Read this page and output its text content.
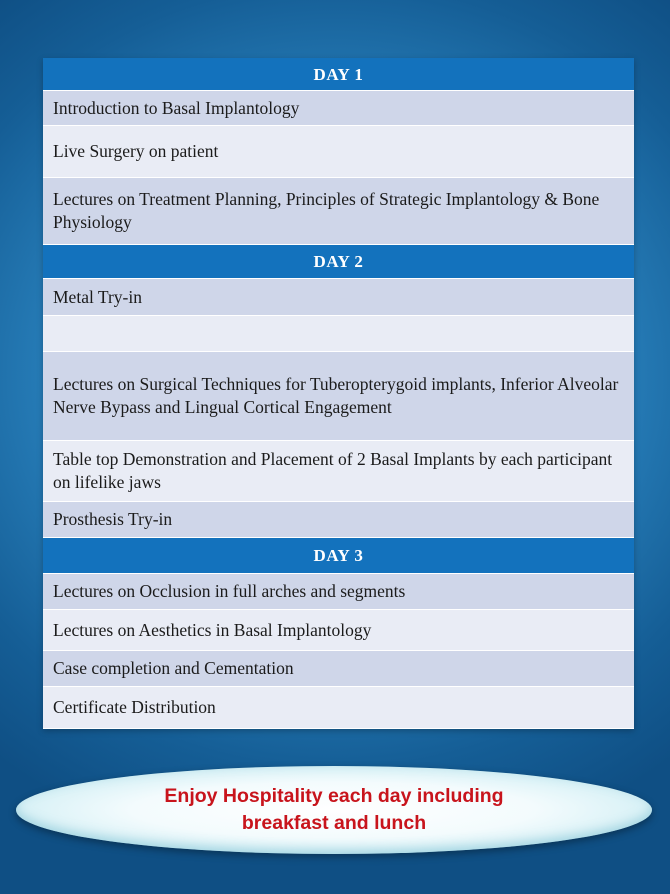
DAY 1
Introduction to Basal Implantology
Live Surgery on patient
Lectures on Treatment Planning, Principles of Strategic Implantology & Bone Physiology
DAY 2
Metal Try-in
Lectures on Surgical Techniques for Tuberopterygoid implants, Inferior Alveolar Nerve Bypass and Lingual Cortical Engagement
Table top Demonstration and Placement of 2 Basal Implants by each participant on lifelike jaws
Prosthesis Try-in
DAY 3
Lectures on Occlusion in full arches and segments
Lectures on Aesthetics in Basal Implantology
Case completion and Cementation
Certificate Distribution
Enjoy Hospitality each day including breakfast and lunch
